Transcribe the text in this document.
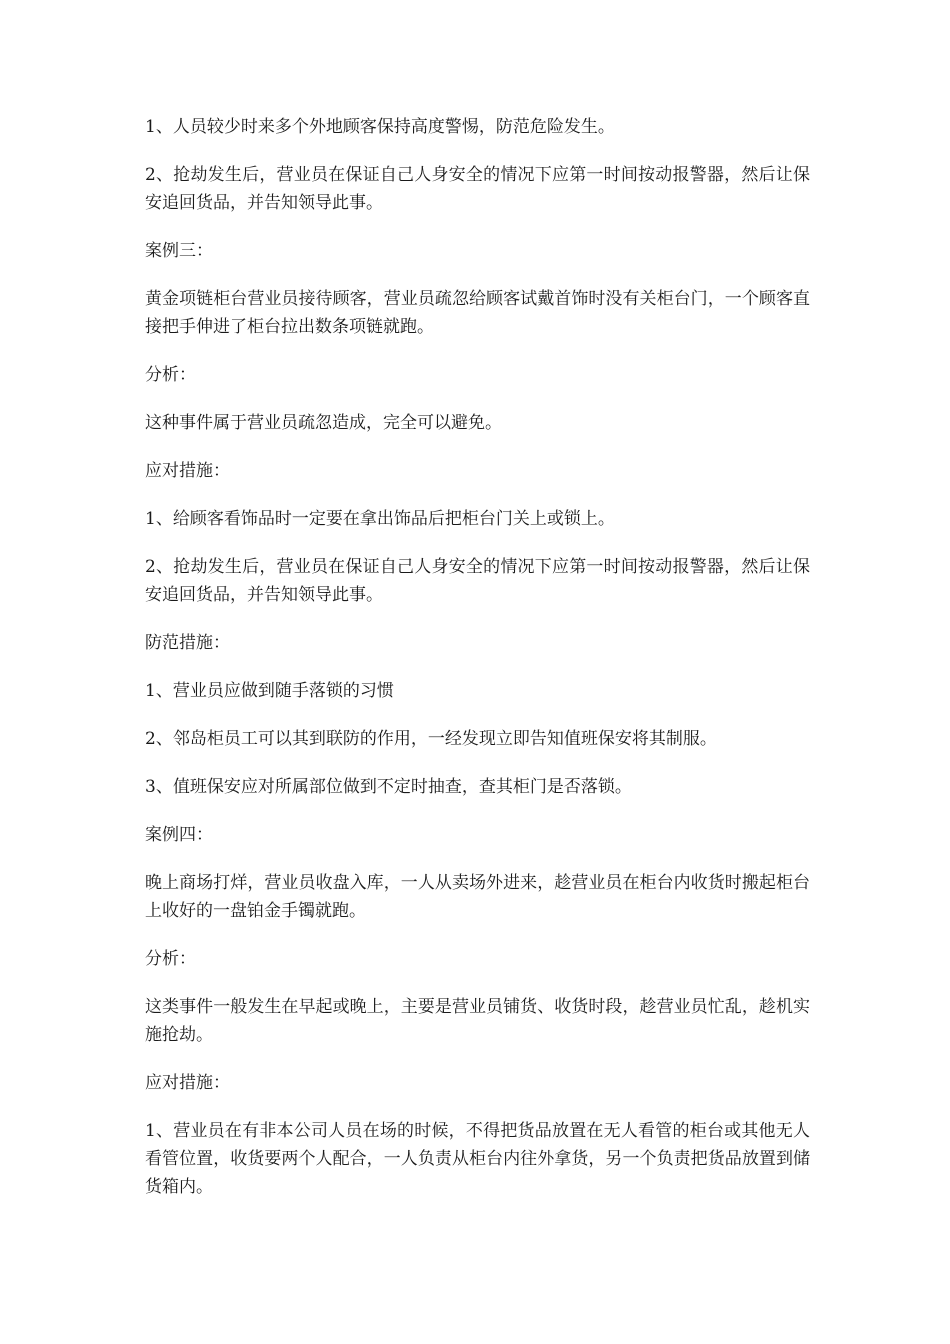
1、人员较少时来多个外地顾客保持高度警惕，防范危险发生。

2、抢劫发生后，营业员在保证自己人身安全的情况下应第一时间按动报警器，然后让保安追回货品，并告知领导此事。

案例三：

黄金项链柜台营业员接待顾客，营业员疏忽给顾客试戴首饰时没有关柜台门，一个顾客直接把手伸进了柜台拉出数条项链就跑。

分析：

这种事件属于营业员疏忽造成，完全可以避免。

应对措施：

1、给顾客看饰品时一定要在拿出饰品后把柜台门关上或锁上。

2、抢劫发生后，营业员在保证自己人身安全的情况下应第一时间按动报警器，然后让保安追回货品，并告知领导此事。

防范措施：

1、营业员应做到随手落锁的习惯

2、邻岛柜员工可以其到联防的作用，一经发现立即告知值班保安将其制服。

3、值班保安应对所属部位做到不定时抽查，查其柜门是否落锁。

案例四：

晚上商场打烊，营业员收盘入库，一人从卖场外进来，趁营业员在柜台内收货时搬起柜台上收好的一盘铂金手镯就跑。

分析：

这类事件一般发生在早起或晚上，主要是营业员铺货、收货时段，趁营业员忙乱，趁机实施抢劫。

应对措施：

1、营业员在有非本公司人员在场的时候，不得把货品放置在无人看管的柜台或其他无人看管位置，收货要两个人配合，一人负责从柜台内往外拿货，另一个负责把货品放置到储货箱内。
